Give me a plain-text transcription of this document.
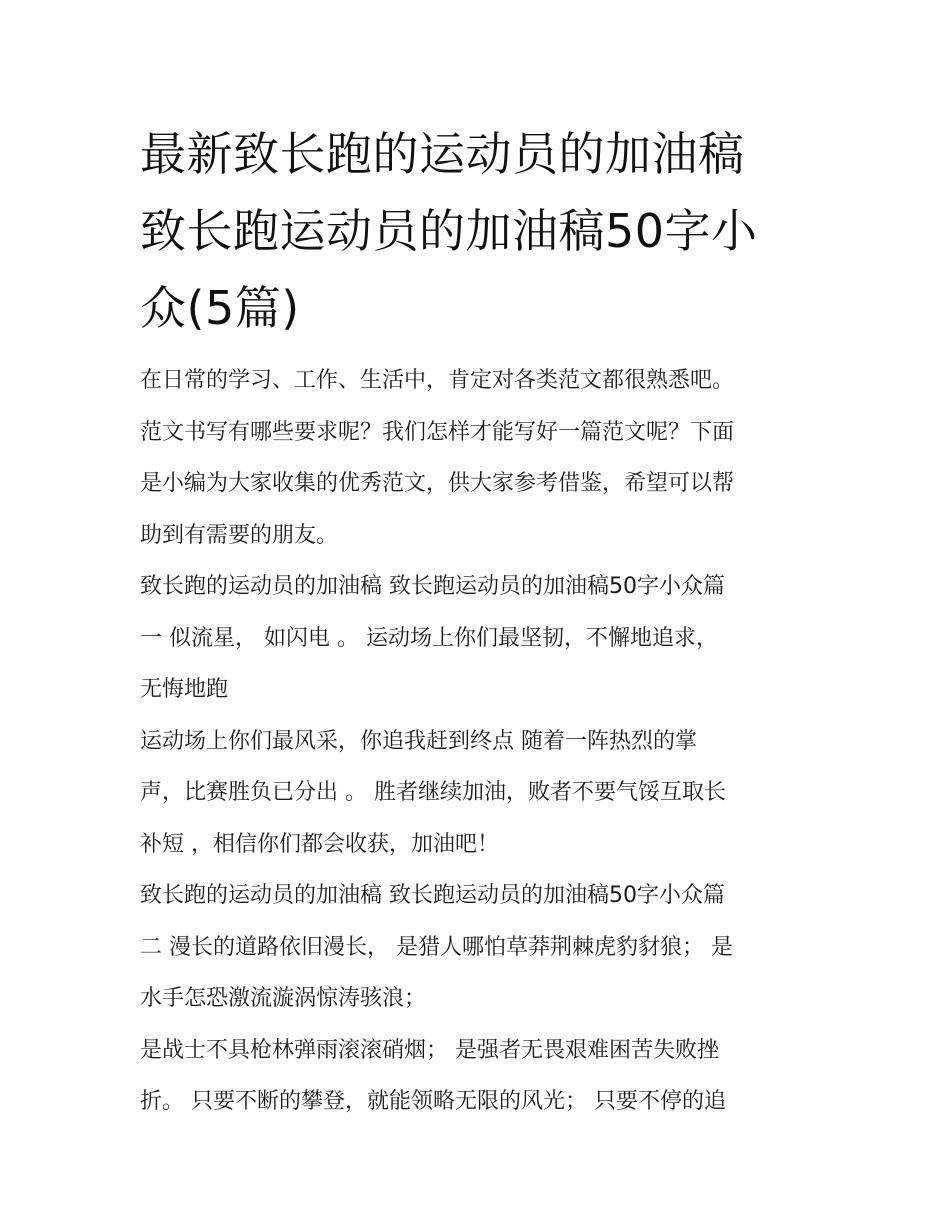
最新致长跑的运动员的加油稿
致长跑运动员的加油稿50字小
众(5篇)
在日常的学习、工作、生活中，肯定对各类范文都很熟悉吧。
范文书写有哪些要求呢？我们怎样才能写好一篇范文呢？下面
是小编为大家收集的优秀范文，供大家参考借鉴，希望可以帮
助到有需要的朋友。
致长跑的运动员的加油稿 致长跑运动员的加油稿50字小众篇
一 似流星， 如闪电 。 运动场上你们最坚韧，不懈地追求，
无悔地跑
运动场上你们最风采，你追我赶到终点 随着一阵热烈的掌
声，比赛胜负已分出 。 胜者继续加油，败者不要气馁互取长
补短 ，相信你们都会收获，加油吧！
致长跑的运动员的加油稿 致长跑运动员的加油稿50字小众篇
二 漫长的道路依旧漫长， 是猎人哪怕草莽荆棘虎豹豺狼； 是
水手怎恐激流漩涡惊涛骇浪；
是战士不具枪林弹雨滚滚硝烟； 是强者无畏艰难困苦失败挫
折。 只要不断的攀登，就能领略无限的风光； 只要不停的追
